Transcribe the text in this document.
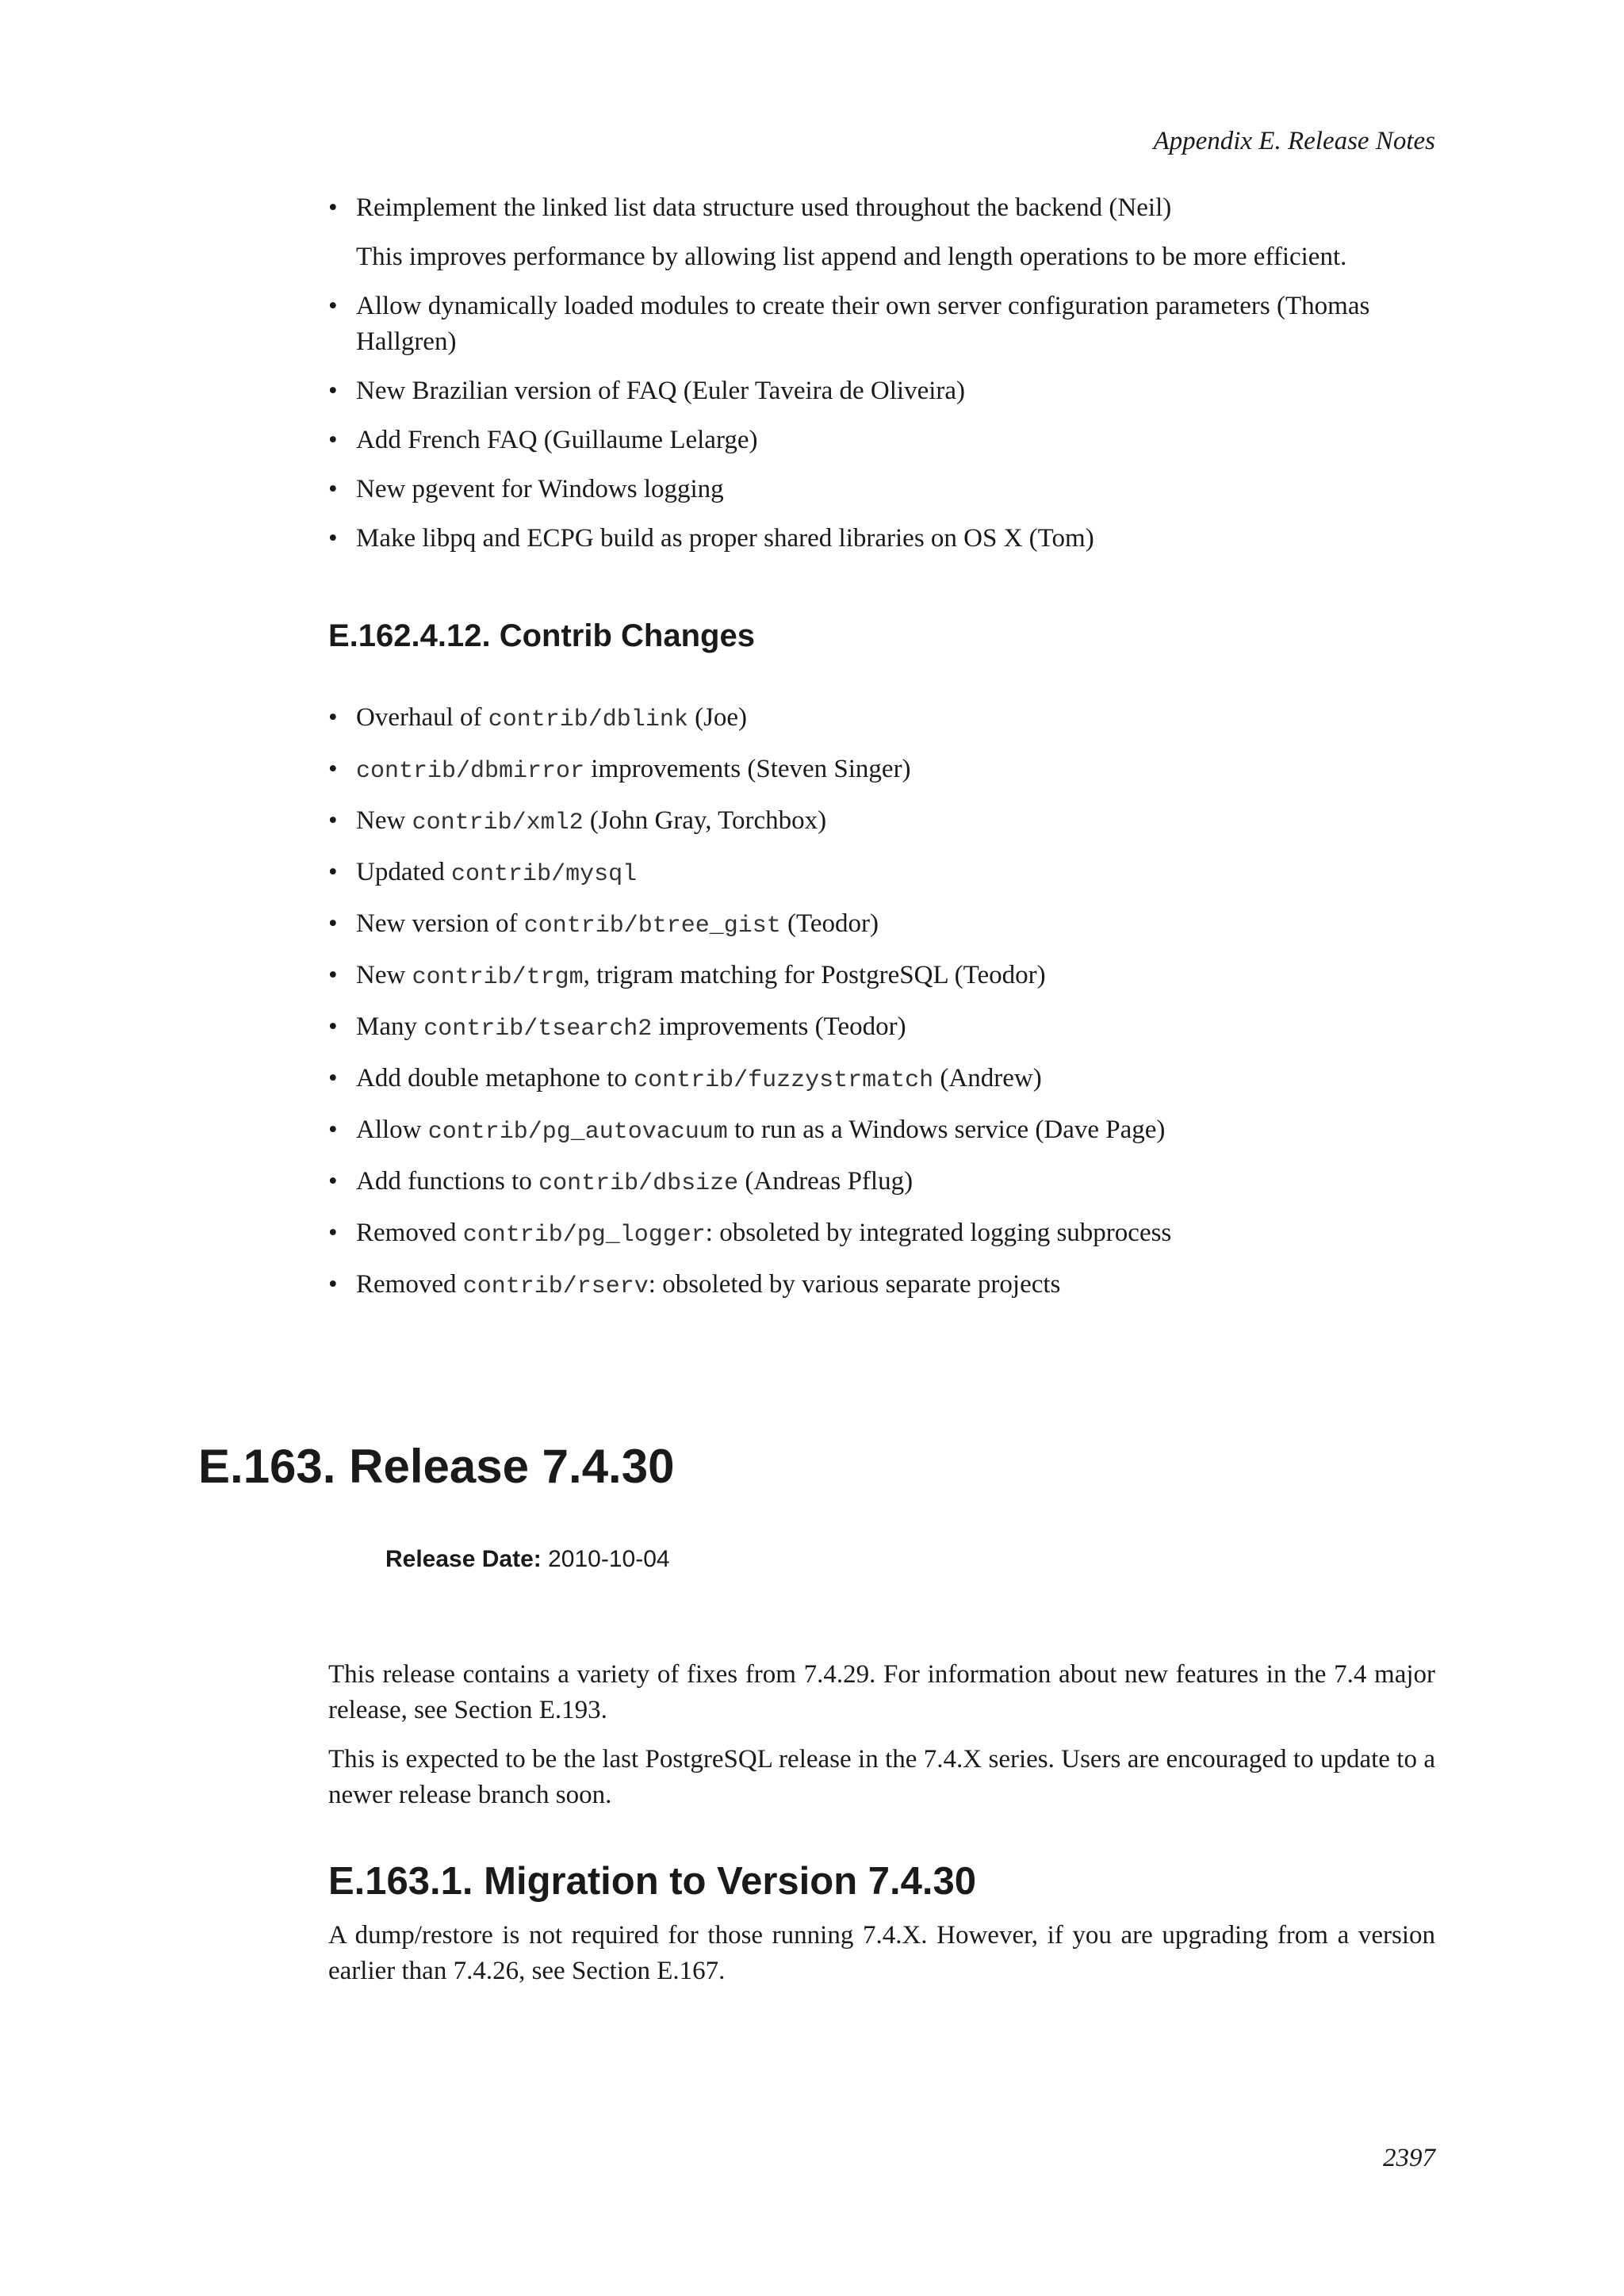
Appendix E. Release Notes
• Reimplement the linked list data structure used throughout the backend (Neil)

This improves performance by allowing list append and length operations to be more efficient.

• Allow dynamically loaded modules to create their own server configuration parameters (Thomas Hallgren)

• New Brazilian version of FAQ (Euler Taveira de Oliveira)

• Add French FAQ (Guillaume Lelarge)

• New pgevent for Windows logging

• Make libpq and ECPG build as proper shared libraries on OS X (Tom)

E.162.4.12. Contrib Changes
• Overhaul of contrib/dblink (Joe)
• contrib/dbmirror improvements (Steven Singer)
• New contrib/xml2 (John Gray, Torchbox)
• Updated contrib/mysql
• New version of contrib/btree_gist (Teodor)
• New contrib/trgm, trigram matching for PostgreSQL (Teodor)
• Many contrib/tsearch2 improvements (Teodor)
• Add double metaphone to contrib/fuzzystrmatch (Andrew)
• Allow contrib/pg_autovacuum to run as a Windows service (Dave Page)
• Add functions to contrib/dbsize (Andreas Pflug)
• Removed contrib/pg_logger: obsoleted by integrated logging subprocess
• Removed contrib/rserv: obsoleted by various separate projects
E.163. Release 7.4.30
Release Date: 2010-10-04

This release contains a variety of fixes from 7.4.29. For information about new features in the 7.4 major release, see Section E.193.

This is expected to be the last PostgreSQL release in the 7.4.X series. Users are encouraged to update to a newer release branch soon.

E.163.1. Migration to Version 7.4.30

A dump/restore is not required for those running 7.4.X. However, if you are upgrading from a version earlier than 7.4.26, see Section E.167.

2397
